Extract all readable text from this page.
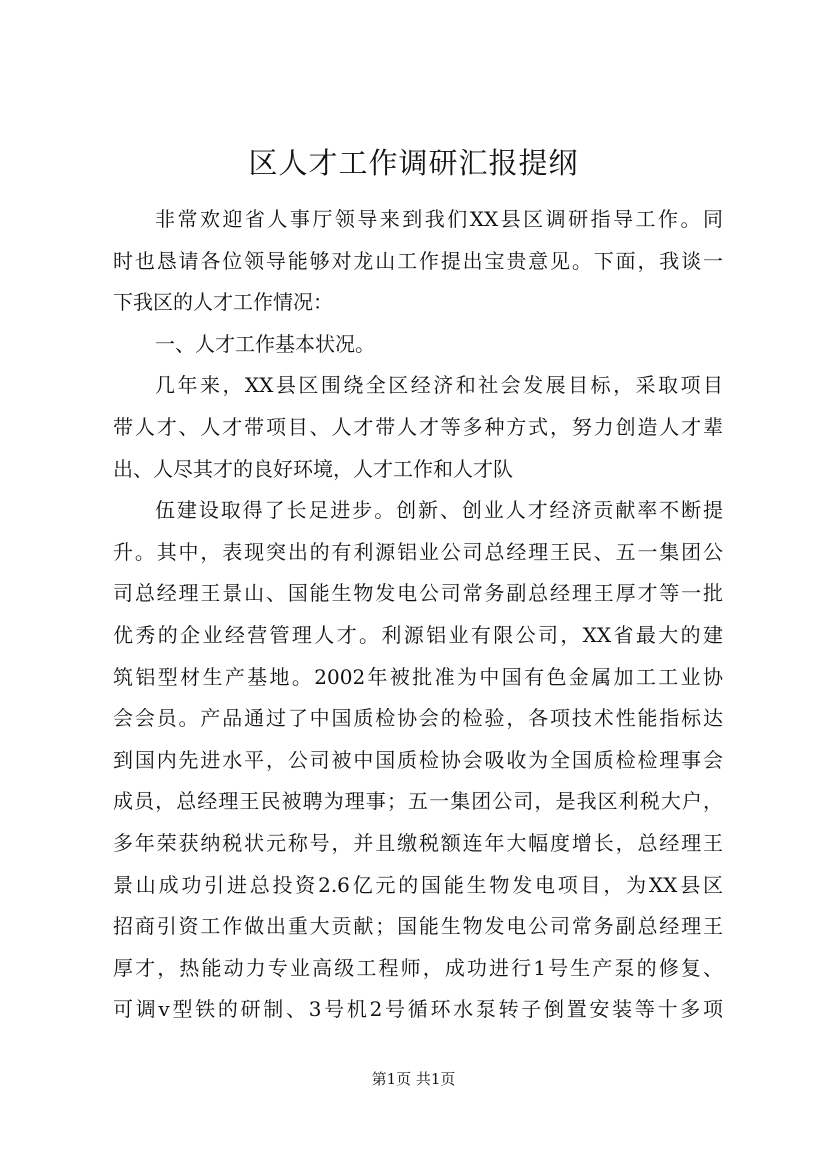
区人才工作调研汇报提纲
非常欢迎省人事厅领导来到我们XX县区调研指导工作。同
时也恳请各位领导能够对龙山工作提出宝贵意见。下面，我谈一
下我区的人才工作情况：
一、人才工作基本状况。
几年来，XX县区围绕全区经济和社会发展目标，采取项目
带人才、人才带项目、人才带人才等多种方式，努力创造人才辈
出、人尽其才的良好环境，人才工作和人才队
伍建设取得了长足进步。创新、创业人才经济贡献率不断提
升。其中，表现突出的有利源铝业公司总经理王民、五一集团公
司总经理王景山、国能生物发电公司常务副总经理王厚才等一批
优秀的企业经营管理人才。利源铝业有限公司，XX省最大的建
筑铝型材生产基地。2002年被批准为中国有色金属加工工业协
会会员。产品通过了中国质检协会的检验，各项技术性能指标达
到国内先进水平，公司被中国质检协会吸收为全国质检检理事会
成员，总经理王民被聘为理事；五一集团公司，是我区利税大户，
多年荣获纳税状元称号，并且缴税额连年大幅度增长，总经理王
景山成功引进总投资2.6亿元的国能生物发电项目，为XX县区
招商引资工作做出重大贡献；国能生物发电公司常务副总经理王
厚才，热能动力专业高级工程师，成功进行1号生产泵的修复、
可调v型铁的研制、3号机2号循环水泵转子倒置安装等十多项
第1页 共1页
